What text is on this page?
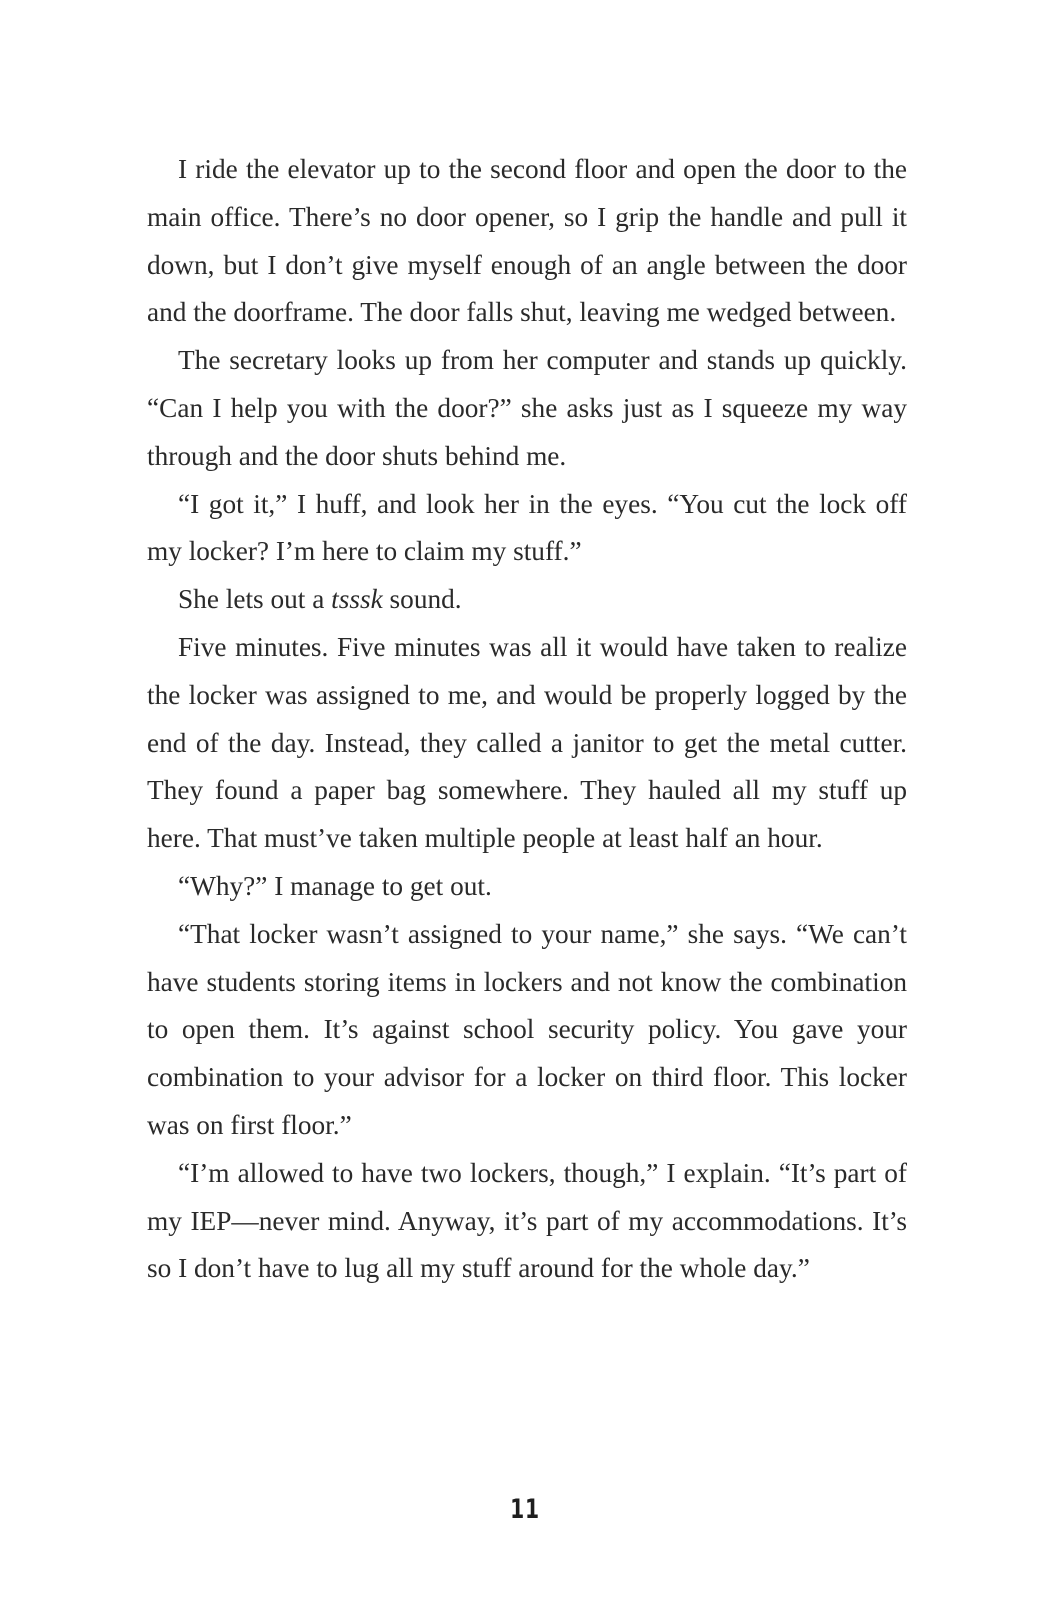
I ride the elevator up to the second floor and open the door to the main office. There’s no door opener, so I grip the handle and pull it down, but I don’t give myself enough of an angle between the door and the doorframe. The door falls shut, leaving me wedged between.

The secretary looks up from her computer and stands up quickly. “Can I help you with the door?” she asks just as I squeeze my way through and the door shuts behind me.

“I got it,” I huff, and look her in the eyes. “You cut the lock off my locker? I’m here to claim my stuff.”

She lets out a tsssk sound.

Five minutes. Five minutes was all it would have taken to realize the locker was assigned to me, and would be properly logged by the end of the day. Instead, they called a janitor to get the metal cutter. They found a paper bag somewhere. They hauled all my stuff up here. That must’ve taken multiple people at least half an hour.

“Why?” I manage to get out.

“That locker wasn’t assigned to your name,” she says. “We can’t have students storing items in lockers and not know the combination to open them. It’s against school security policy. You gave your combination to your advisor for a locker on third floor. This locker was on first floor.”

“I’m allowed to have two lockers, though,” I explain. “It’s part of my IEP—never mind. Anyway, it’s part of my accommodations. It’s so I don’t have to lug all my stuff around for the whole day.”

11
